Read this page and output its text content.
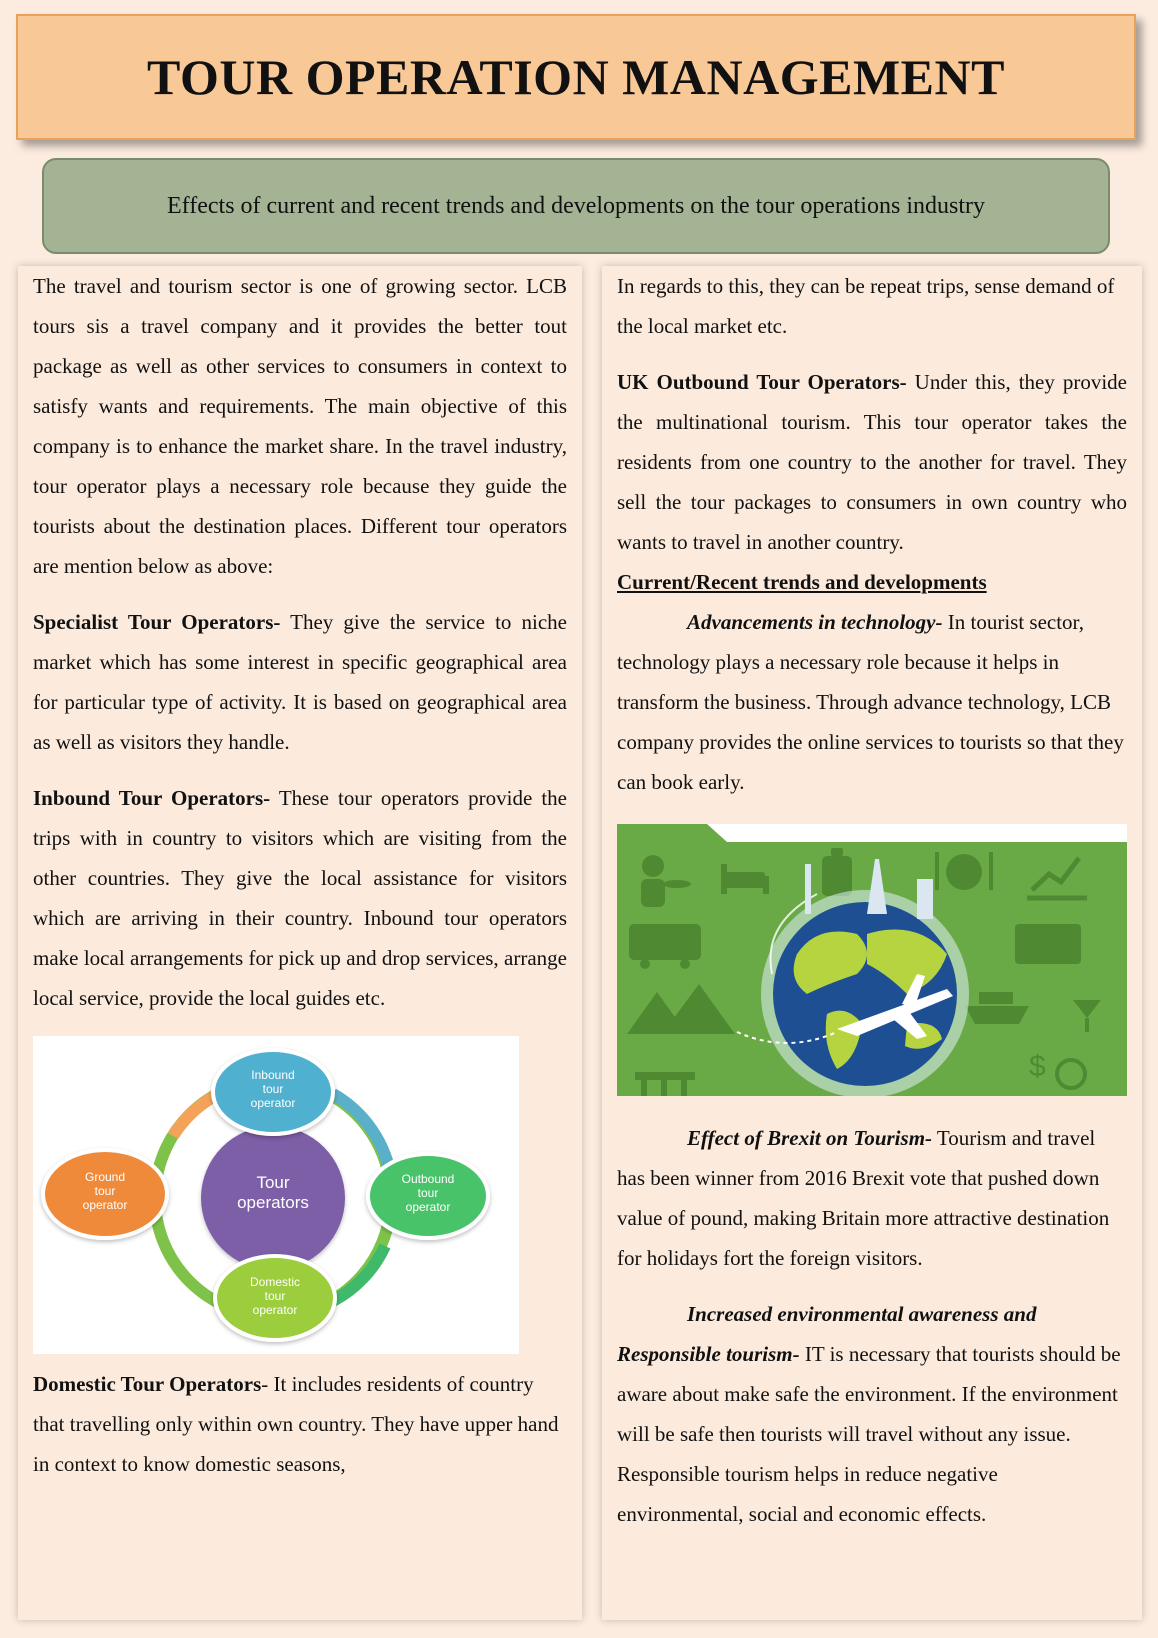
TOUR OPERATION MANAGEMENT

Effects of current and recent trends and developments on the tour operations industry

The travel and tourism sector is one of growing sector. LCB tours sis a travel company and it provides the better tout package as well as other services to consumers in context to satisfy wants and requirements. The main objective of this company is to enhance the market share. In the travel industry, tour operator plays a necessary role because they guide the tourists about the destination places. Different tour operators are mention below as above:

Specialist Tour Operators- They give the service to niche market which has some interest in specific geographical area for particular type of activity. It is based on geographical area as well as visitors they handle.

Inbound Tour Operators- These tour operators provide the trips with in country to visitors which are visiting from the other countries. They give the local assistance for visitors which are arriving in their country. Inbound tour operators make local arrangements for pick up and drop services, arrange local service, provide the local guides etc.

Tour
operators
Inbound
tour
operator
Outbound
tour
operator
Domestic
tour
operator
Ground
tour
operator

Domestic Tour Operators- It includes residents of country that travelling only within own country. They have upper hand in context to know domestic seasons,

In regards to this, they can be repeat trips, sense demand of the local market etc.

UK Outbound Tour Operators- Under this, they provide the multinational tourism. This tour operator takes the residents from one country to the another for travel. They sell the tour packages to consumers in own country who wants to travel in another country.

Current/Recent trends and developments

Advancements in technology- In tourist sector, technology plays a necessary role because it helps in transform the business. Through advance technology, LCB company provides the online services to tourists so that they can book early.

$

Effect of Brexit on Tourism- Tourism and travel has been winner from 2016 Brexit vote that pushed down value of pound, making Britain more attractive destination for holidays fort the foreign visitors.

Increased environmental awareness and Responsible tourism- IT is necessary that tourists should be aware about make safe the environment. If the environment will be safe then tourists will travel without any issue. Responsible tourism helps in reduce negative environmental, social and economic effects.
